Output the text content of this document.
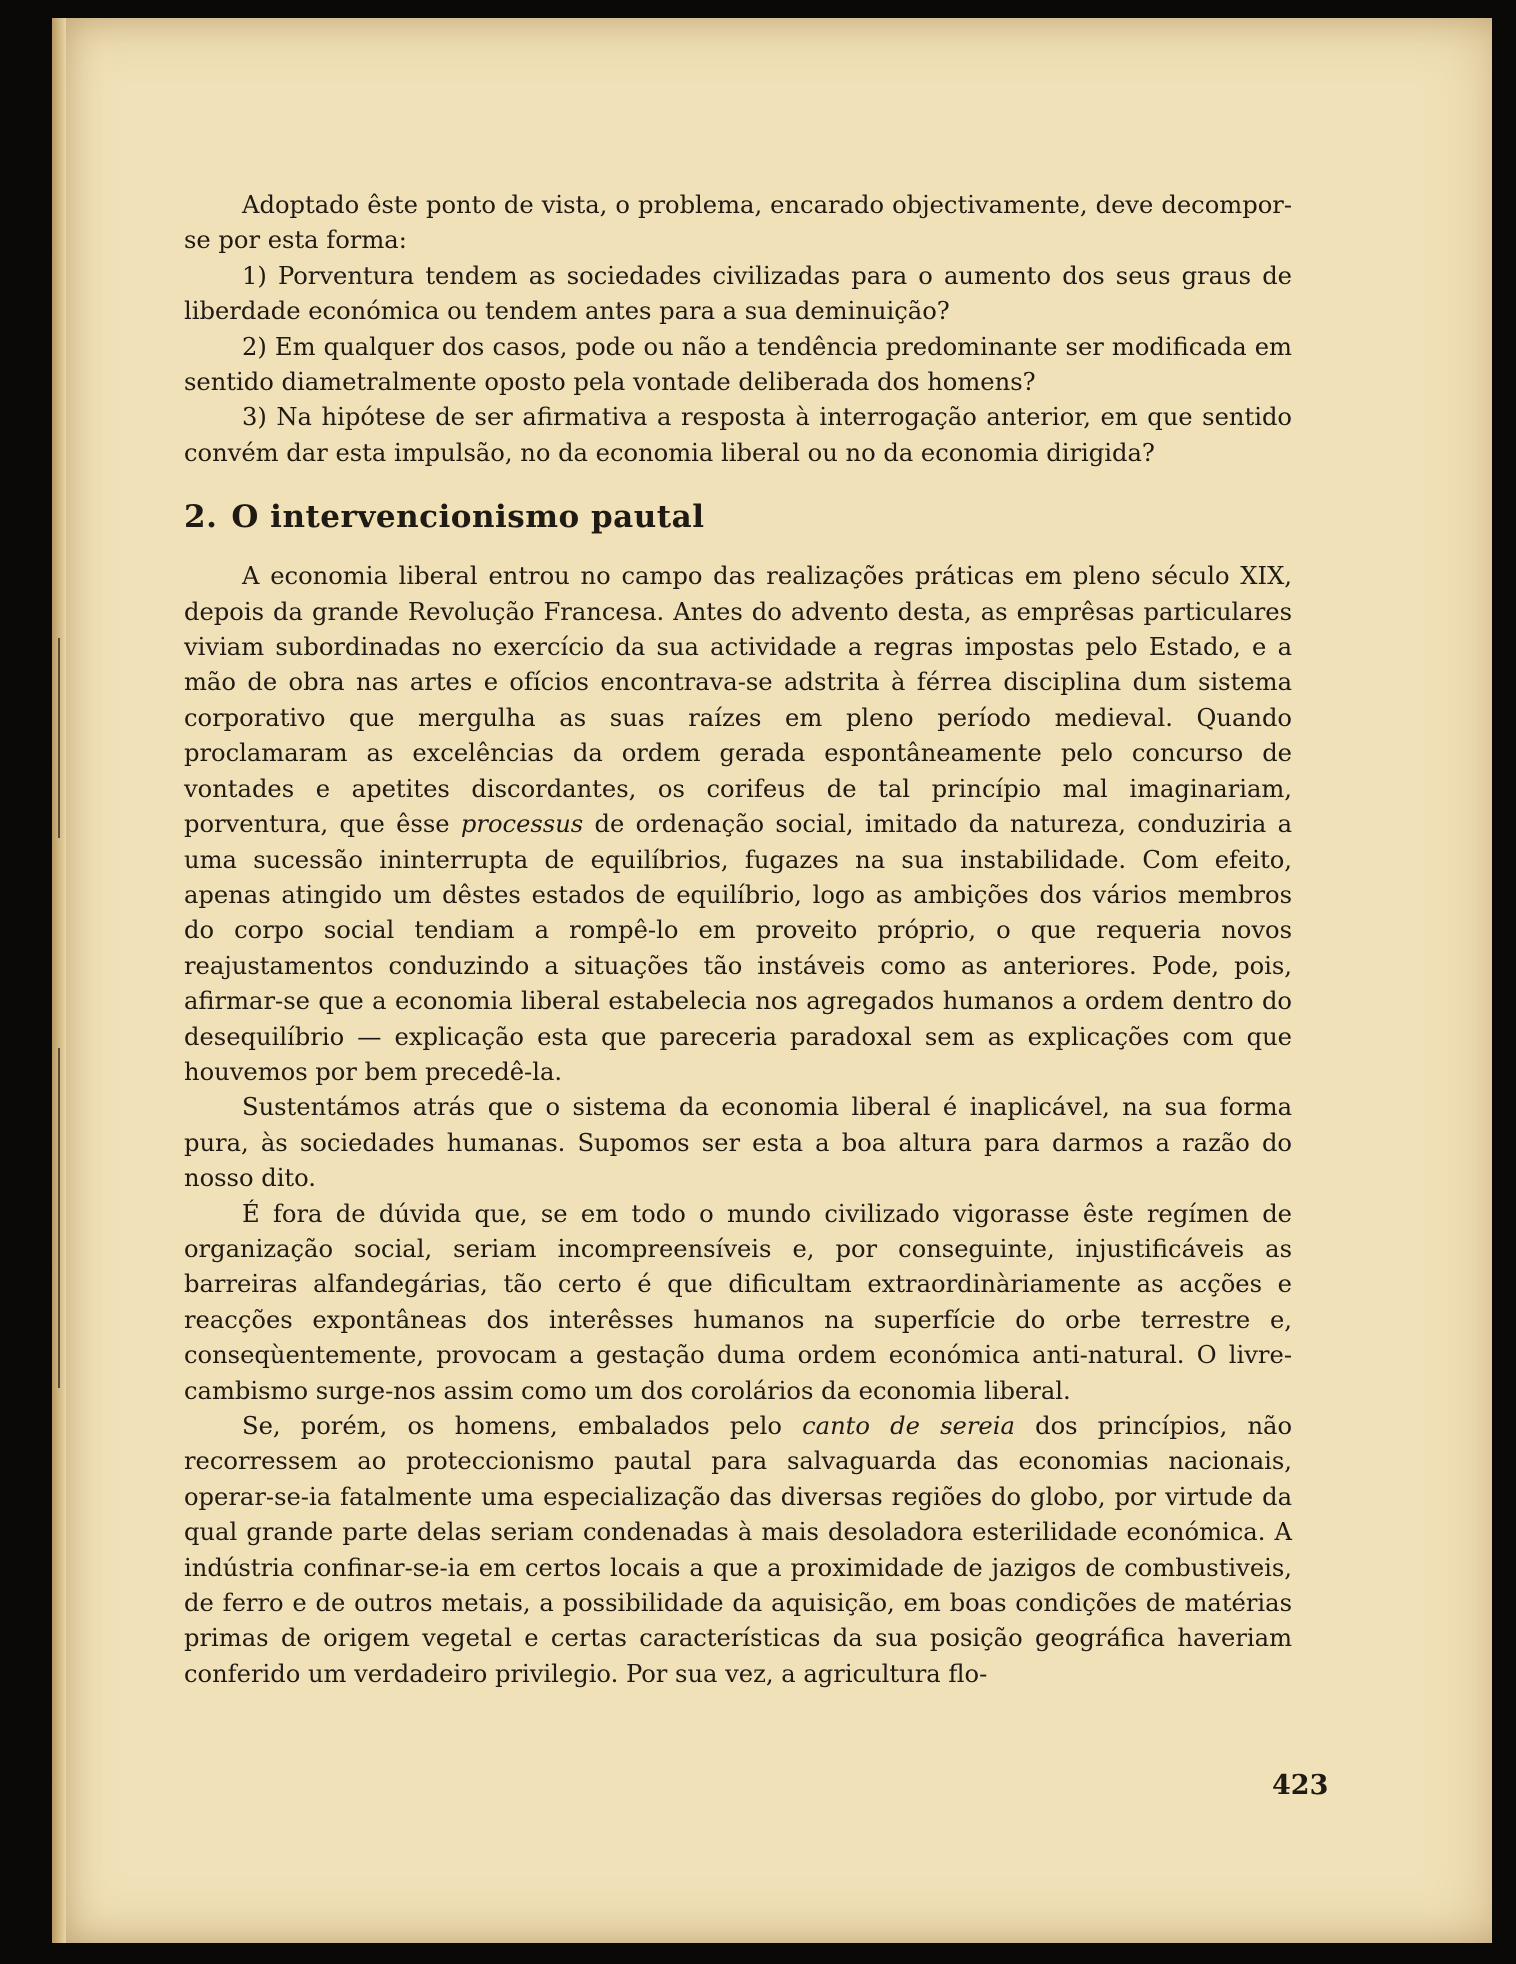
Adoptado êste ponto de vista, o problema, encarado objectivamente, deve decompor-se por esta forma:

1) Porventura tendem as sociedades civilizadas para o aumento dos seus graus de liberdade económica ou tendem antes para a sua deminuição?

2) Em qualquer dos casos, pode ou não a tendência predominante ser modificada em sentido diametralmente oposto pela vontade deliberada dos homens?

3) Na hipótese de ser afirmativa a resposta à interrogação anterior, em que sentido convém dar esta impulsão, no da economia liberal ou no da economia dirigida?

2. O intervencionismo pautal

A economia liberal entrou no campo das realizações práticas em pleno século XIX, depois da grande Revolução Francesa. Antes do advento desta, as emprêsas particulares viviam subordinadas no exercício da sua actividade a regras impostas pelo Estado, e a mão de obra nas artes e ofícios encontrava-se adstrita à férrea disciplina dum sistema corporativo que mergulha as suas raízes em pleno período medieval. Quando proclamaram as excelências da ordem gerada espontâneamente pelo concurso de vontades e apetites discordantes, os corifeus de tal princípio mal imaginariam, porventura, que êsse processus de ordenação social, imitado da natureza, conduziria a uma sucessão ininterrupta de equilíbrios, fugazes na sua instabilidade. Com efeito, apenas atingido um dêstes estados de equilíbrio, logo as ambições dos vários membros do corpo social tendiam a rompê-lo em proveito próprio, o que requeria novos reajustamentos conduzindo a situações tão instáveis como as anteriores. Pode, pois, afirmar-se que a economia liberal estabelecia nos agregados humanos a ordem dentro do desequilíbrio — explicação esta que pareceria paradoxal sem as explicações com que houvemos por bem precedê-la.

Sustentámos atrás que o sistema da economia liberal é inaplicável, na sua forma pura, às sociedades humanas. Supomos ser esta a boa altura para darmos a razão do nosso dito.

É fora de dúvida que, se em todo o mundo civilizado vigorasse êste regímen de organização social, seriam incompreensíveis e, por conseguinte, injustificáveis as barreiras alfandegárias, tão certo é que dificultam extraordinàriamente as acções e reacções expontâneas dos interêsses humanos na superfície do orbe terrestre e, conseqùentemente, provocam a gestação duma ordem económica anti-natural. O livre-cambismo surge-nos assim como um dos corolários da economia liberal.

Se, porém, os homens, embalados pelo canto de sereia dos princípios, não recorressem ao proteccionismo pautal para salvaguarda das economias nacionais, operar-se-ia fatalmente uma especialização das diversas regiões do globo, por virtude da qual grande parte delas seriam condenadas à mais desoladora esterilidade económica. A indústria confinar-se-ia em certos locais a que a proximidade de jazigos de combustiveis, de ferro e de outros metais, a possibilidade da aquisição, em boas condições de matérias primas de origem vegetal e certas características da sua posição geográfica haveriam conferido um verdadeiro privilegio. Por sua vez, a agricultura flo-

423
